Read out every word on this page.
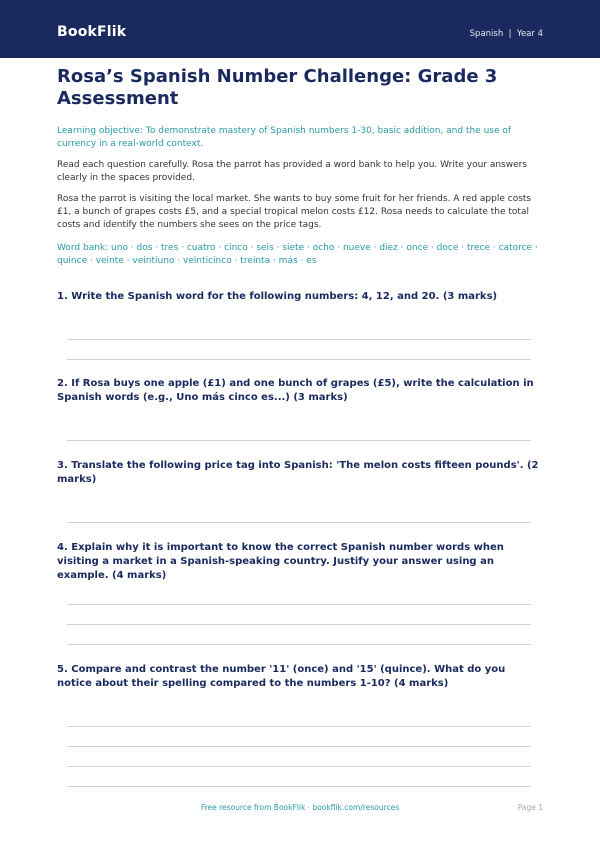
BookFlik	Spanish  |  Year 4
Rosa’s Spanish Number Challenge: Grade 3 Assessment
Learning objective: To demonstrate mastery of Spanish numbers 1-30, basic addition, and the use of currency in a real-world context.
Read each question carefully. Rosa the parrot has provided a word bank to help you. Write your answers clearly in the spaces provided.
Rosa the parrot is visiting the local market. She wants to buy some fruit for her friends. A red apple costs £1, a bunch of grapes costs £5, and a special tropical melon costs £12. Rosa needs to calculate the total costs and identify the numbers she sees on the price tags.
Word bank: uno · dos · tres · cuatro · cinco · seis · siete · ocho · nueve · diez · once · doce · trece · catorce · quince · veinte · veintiuno · veinticinco · treinta · más · es
1. Write the Spanish word for the following numbers: 4, 12, and 20. (3 marks)
2. If Rosa buys one apple (£1) and one bunch of grapes (£5), write the calculation in Spanish words (e.g., Uno más cinco es...) (3 marks)
3. Translate the following price tag into Spanish: 'The melon costs fifteen pounds'. (2 marks)
4. Explain why it is important to know the correct Spanish number words when visiting a market in a Spanish-speaking country. Justify your answer using an example. (4 marks)
5. Compare and contrast the number '11' (once) and '15' (quince). What do you notice about their spelling compared to the numbers 1-10? (4 marks)
Free resource from BookFlik · bookflik.com/resources	Page 1
